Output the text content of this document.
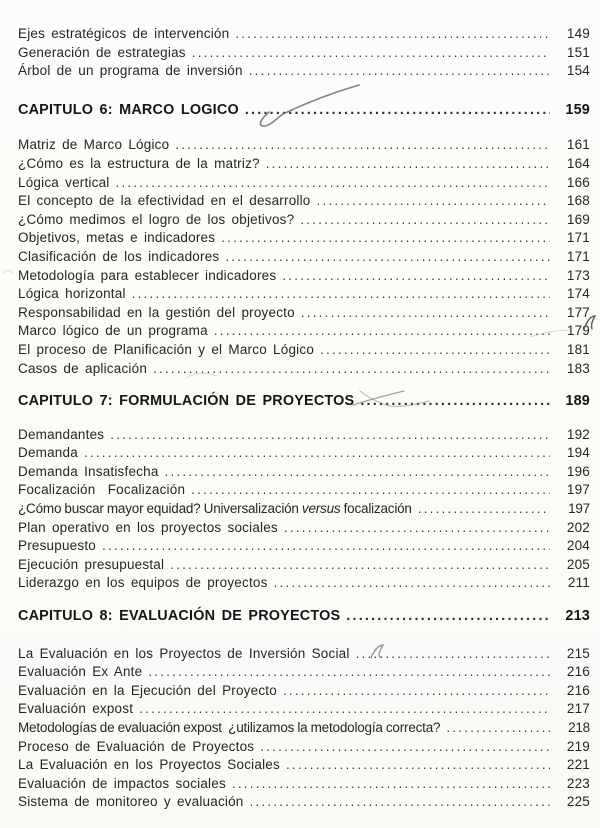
Ejes estratégicos de intervención .....	149
Generación de estrategias .....	151
Árbol de un programa de inversión .....	154
CAPITULO 6: MARCO LOGICO .....	159
Matriz de Marco Lógico .....	161
¿Cómo es la estructura de la matriz? .....	164
Lógica vertical .....	166
El concepto de la efectividad en el desarrollo .....	168
¿Cómo medimos el logro de los objetivos? .....	169
Objetivos, metas e indicadores .....	171
Clasificación de los indicadores .....	171
Metodología para establecer indicadores .....	173
Lógica horizontal .....	174
Responsabilidad en la gestión del proyecto .....	177
Marco lógico de un programa .....	179
El proceso de Planificación y el Marco Lógico .....	181
Casos de aplicación .....	183
CAPITULO 7: FORMULACIÓN DE PROYECTOS .....	189
Demandantes .....	192
Demanda .....	194
Demanda Insatisfecha .....	196
Focalización  Focalización .....	197
¿Cómo buscar mayor equidad? Universalización versus focalización .....	197
Plan operativo en los proyectos sociales .....	202
Presupuesto .....	204
Ejecución presupuestal .....	205
Liderazgo en los equipos de proyectos .....	211
CAPITULO 8: EVALUACIÓN DE PROYECTOS .....	213
La Evaluación en los Proyectos de Inversión Social .....	215
Evaluación Ex Ante .....	216
Evaluación en la Ejecución del Proyecto .....	216
Evaluación expost .....	217
Metodologías de evaluación expost  ¿utilizamos la metodología correcta? .....	218
Proceso de Evaluación de Proyectos .....	219
La Evaluación en los Proyectos Sociales .....	221
Evaluación de impactos sociales .....	223
Sistema de monitoreo y evaluación .....	225
